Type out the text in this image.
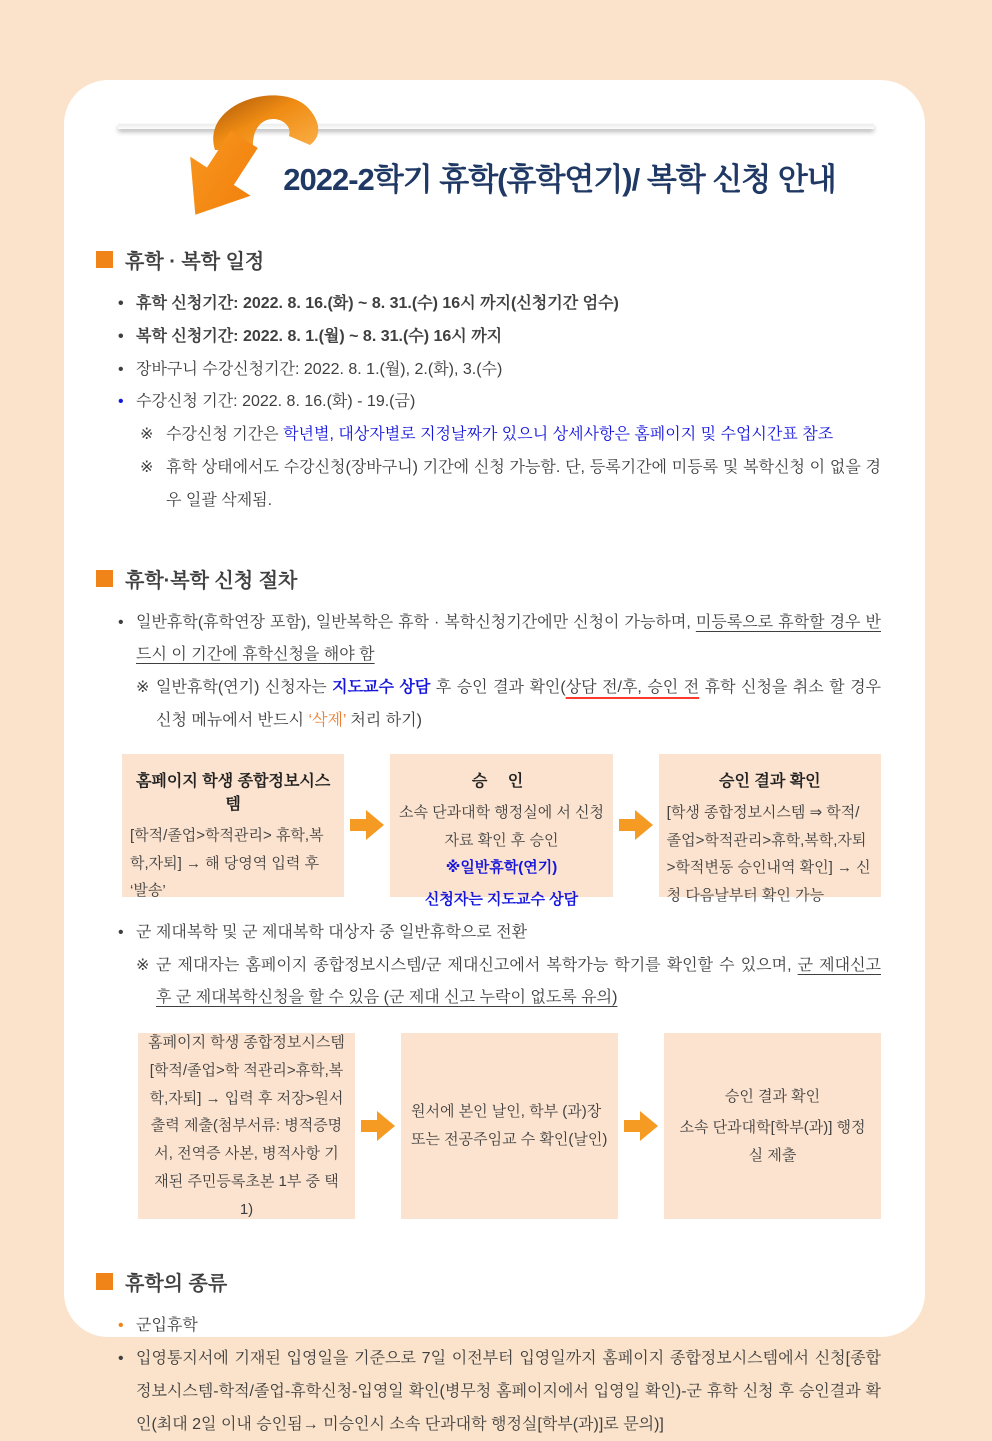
2022-2학기 휴학(휴학연기)/ 복학 신청 안내
휴학 · 복학 일정

• 휴학 신청기간: 2022. 8. 16.(화) ~ 8. 31.(수) 16시 까지(신청기간 엄수)

• 복학 신청기간: 2022. 8. 1.(월) ~ 8. 31.(수) 16시 까지

• 장바구니 수강신청기간: 2022. 8. 1.(월), 2.(화), 3.(수)

• 수강신청 기간: 2022. 8. 16.(화) - 19.(금)

※ 수강신청 기간은 학년별, 대상자별로 지정날짜가 있으니 상세사항은 홈페이지 및 수업시간표 참조

※ 휴학 상태에서도 수강신청(장바구니) 기간에 신청 가능함. 단, 등록기간에 미등록 및 복학신청 이 없을 경우 일괄 삭제됨.

휴학·복학 신청 절차

• 일반휴학(휴학연장 포함), 일반복학은 휴학 · 복학신청기간에만 신청이 가능하며, 미등록으로 휴학할 경우 반드시 이 기간에 휴학신청을 해야 함

※ 일반휴학(연기) 신청자는 지도교수 상담 후 승인 결과 확인(상담 전/후, 승인 전 휴학 신청을 취소 할 경우 신청 메뉴에서 반드시 ‘삭제’ 처리 하기)

홈페이지 학생 종합정보시스템
[학적/졸업>학적관리> 휴학,복학,자퇴] → 해 당영역 입력 후 ‘발송’
승 인
소속 단과대학 행정실에 서 신청 자료 확인 후 승인
※일반휴학(연기)
신청자는 지도교수 상담
승인 결과 확인
[학생 종합정보시스템 ⇒ 학적/졸업>학적관리>휴학,복학,자퇴>학적변동 승인내역 확인] → 신청 다음날부터 확인 가능

• 군 제대복학 및 군 제대복학 대상자 중 일반휴학으로 전환

※ 군 제대자는 홈페이지 종합정보시스템/군 제대신고에서 복학가능 학기를 확인할 수 있으며, 군 제대신고 후 군 제대복학신청을 할 수 있음 (군 제대 신고 누락이 없도록 유의)

홈페이지 학생 종합정보시스템[학적/졸업>학 적관리>휴학,복학,자퇴] → 입력 후 저장>원서출력 제출(첨부서류: 병적증명서, 전역증 사본, 병적사항 기재된 주민등록초본 1부 중 택1)
원서에 본인 날인, 학부 (과)장 또는 전공주임교 수 확인(날인)
승인 결과 확인
소속 단과대학[학부(과)] 행정실 제출
휴학의 종류

• 군입휴학

• 입영통지서에 기재된 입영일을 기준으로 7일 이전부터 입영일까지 홈페이지 종합정보시스템에서 신청[종합정보시스템-학적/졸업-휴학신청-입영일 확인(병무청 홈페이지에서 입영일 확인)-군 휴학 신청 후 승인결과 확인(최대 2일 이내 승인됨→ 미승인시 소속 단과대학 행정실[학부(과)]로 문의)]
